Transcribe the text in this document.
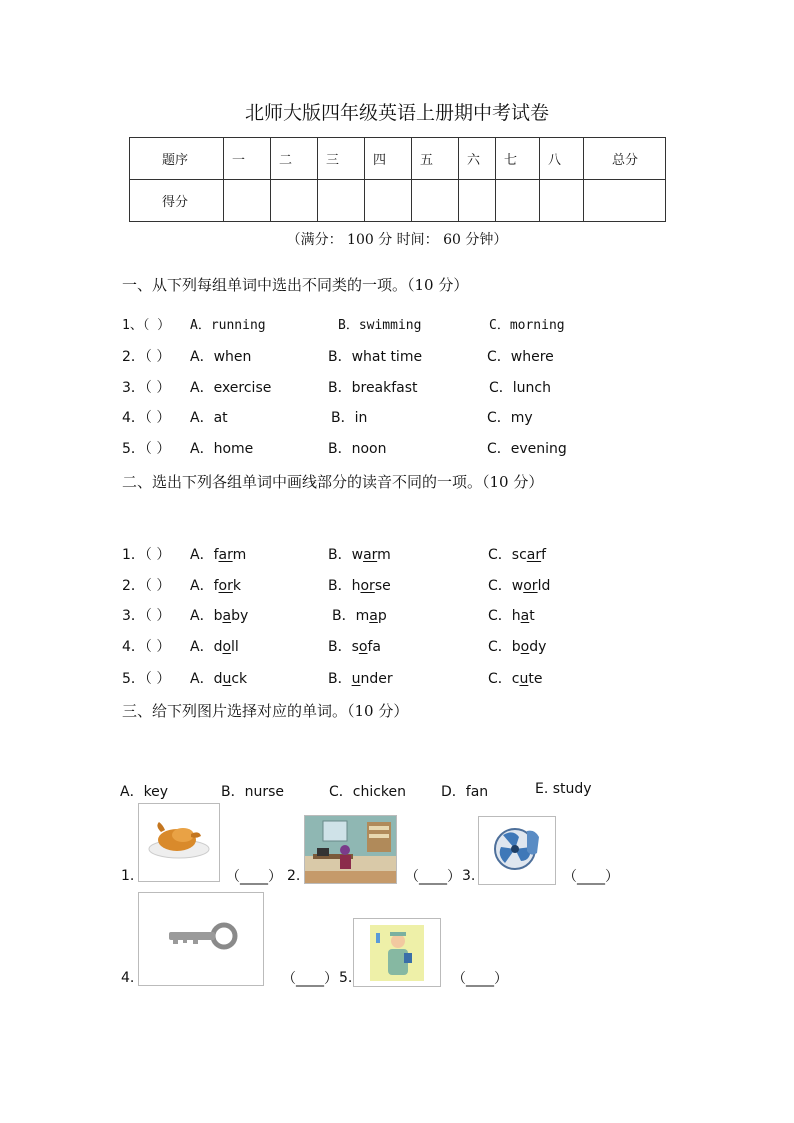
北师大版四年级英语上册期中考试卷
题序	一	二	三	四	五	六	七	八	总分
得分									
（满分： 100 分 时间： 60 分钟）
一、从下列每组单词中选出不同类的一项。（10 分）
1、（ ） A．running	B．swimming	C．morning
2．（ ） A．when	B．what time	C．where
3．（ ） A．exercise	B．breakfast	C．lunch
4．（ ） A．at	B．in	C．my
5．（ ） A．home	B．noon	C．evening
二、选出下列各组单词中画线部分的读音不同的一项。（10 分）
1．（ ） A．farm	B．warm	C．scarf
2．（ ） A．fork	B．horse	C．world
3．（ ） A．baby	B．map	C．hat
4．（ ） A．doll	B．sofa	C．body
5．（ ） A．duck	B．under	C．cute
三、给下列图片选择对应的单词。（10 分）
A．key	B．nurse	C．chicken D．fan	E. study
1.	（____） 2.	（____） 3.	（____）
4.	（____） 5.	（____）
